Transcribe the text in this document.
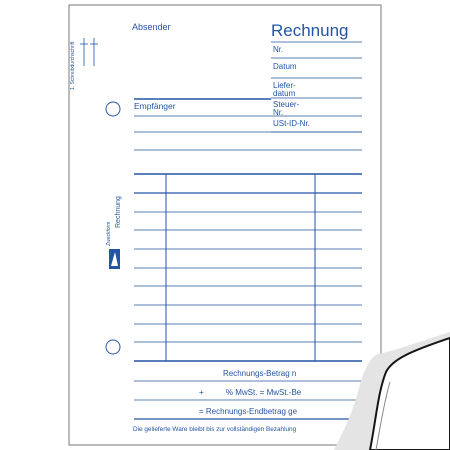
Absender	Rechnung
Nr.
Datum
Liefer-
datum
Steuer-
Nr.
USt-ID-Nr.
Empfänger
1. Schreibdurchschrift
Rechnung
Zweckform
Rechnungs-Betrag n
+	% MwSt. = MwSt.-Be
= Rechnungs-Endbetrag ge
Die gelieferte Ware bleibt bis zur vollständigen Bezahlung
